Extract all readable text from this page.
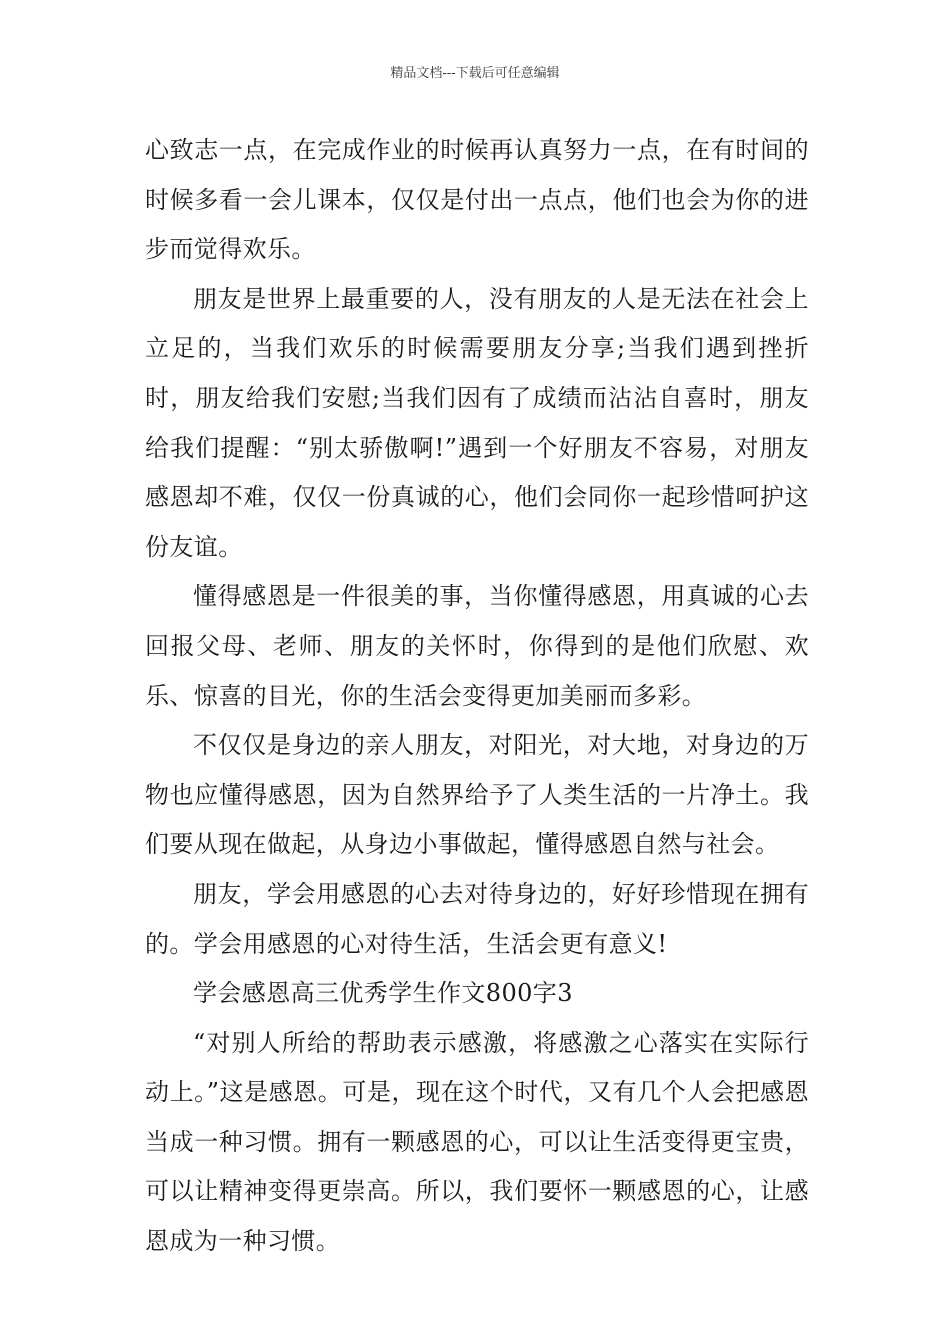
精品文档---下载后可任意编辑

心致志一点，在完成作业的时候再认真努力一点，在有时间的时候多看一会儿课本，仅仅是付出一点点，他们也会为你的进步而觉得欢乐。

朋友是世界上最重要的人，没有朋友的人是无法在社会上立足的，当我们欢乐的时候需要朋友分享;当我们遇到挫折时，朋友给我们安慰;当我们因有了成绩而沾沾自喜时，朋友给我们提醒：“别太骄傲啊!”遇到一个好朋友不容易，对朋友感恩却不难，仅仅一份真诚的心，他们会同你一起珍惜呵护这份友谊。

懂得感恩是一件很美的事，当你懂得感恩，用真诚的心去回报父母、老师、朋友的关怀时，你得到的是他们欣慰、欢乐、惊喜的目光，你的生活会变得更加美丽而多彩。

不仅仅是身边的亲人朋友，对阳光，对大地，对身边的万物也应懂得感恩，因为自然界给予了人类生活的一片净土。我们要从现在做起，从身边小事做起，懂得感恩自然与社会。

朋友，学会用感恩的心去对待身边的，好好珍惜现在拥有的。学会用感恩的心对待生活，生活会更有意义!

学会感恩高三优秀学生作文800字3

“对别人所给的帮助表示感激，将感激之心落实在实际行动上。”这是感恩。可是，现在这个时代，又有几个人会把感恩当成一种习惯。拥有一颗感恩的心，可以让生活变得更宝贵，可以让精神变得更崇高。所以，我们要怀一颗感恩的心，让感恩成为一种习惯。
